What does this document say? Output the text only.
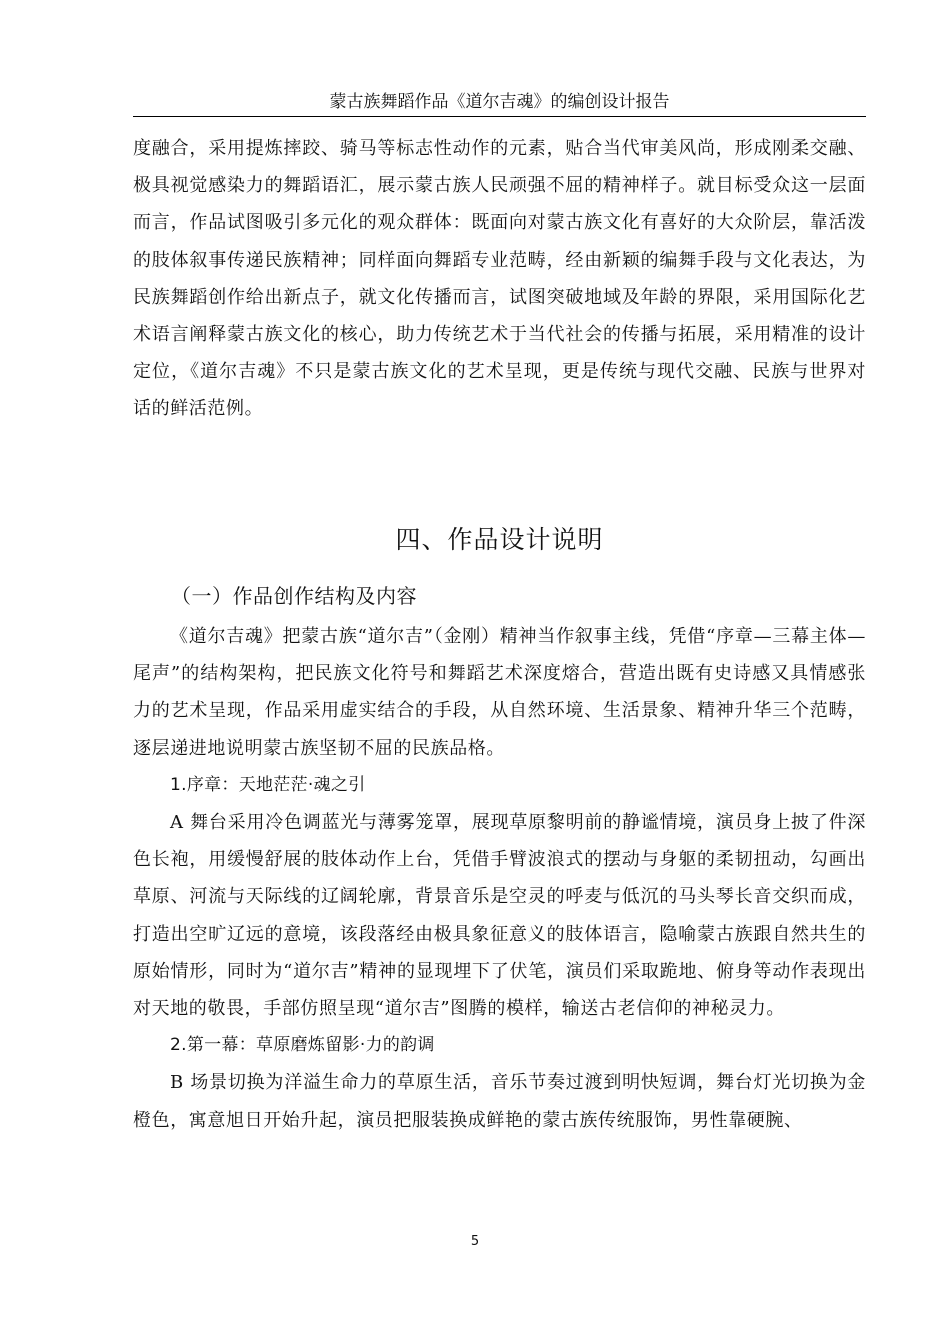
蒙古族舞蹈作品《道尔吉魂》的编创设计报告

度融合，采用提炼摔跤、骑马等标志性动作的元素，贴合当代审美风尚，形成刚柔交融、极具视觉感染力的舞蹈语汇，展示蒙古族人民顽强不屈的精神样子。就目标受众这一层面而言，作品试图吸引多元化的观众群体：既面向对蒙古族文化有喜好的大众阶层，靠活泼的肢体叙事传递民族精神；同样面向舞蹈专业范畴，经由新颖的编舞手段与文化表达，为民族舞蹈创作给出新点子，就文化传播而言，试图突破地域及年龄的界限，采用国际化艺术语言阐释蒙古族文化的核心，助力传统艺术于当代社会的传播与拓展，采用精准的设计定位，《道尔吉魂》不只是蒙古族文化的艺术呈现，更是传统与现代交融、民族与世界对话的鲜活范例。

四、作品设计说明
（一）作品创作结构及内容

《道尔吉魂》把蒙古族“道尔吉”（金刚）精神当作叙事主线，凭借“序章—三幕主体—尾声”的结构架构，把民族文化符号和舞蹈艺术深度熔合，营造出既有史诗感又具情感张力的艺术呈现，作品采用虚实结合的手段，从自然环境、生活景象、精神升华三个范畴，逐层递进地说明蒙古族坚韧不屈的民族品格。

1.序章：天地茫茫·魂之引

A 舞台采用冷色调蓝光与薄雾笼罩，展现草原黎明前的静谧情境，演员身上披了件深色长袍，用缓慢舒展的肢体动作上台，凭借手臂波浪式的摆动与身躯的柔韧扭动，勾画出草原、河流与天际线的辽阔轮廓，背景音乐是空灵的呼麦与低沉的马头琴长音交织而成，打造出空旷辽远的意境，该段落经由极具象征意义的肢体语言，隐喻蒙古族跟自然共生的原始情形，同时为“道尔吉”精神的显现埋下了伏笔，演员们采取跪地、俯身等动作表现出对天地的敬畏，手部仿照呈现“道尔吉”图腾的模样，输送古老信仰的神秘灵力。

2.第一幕：草原磨炼留影·力的韵调

B 场景切换为洋溢生命力的草原生活，音乐节奏过渡到明快短调，舞台灯光切换为金橙色，寓意旭日开始升起，演员把服装换成鲜艳的蒙古族传统服饰，男性靠硬腕、

5
